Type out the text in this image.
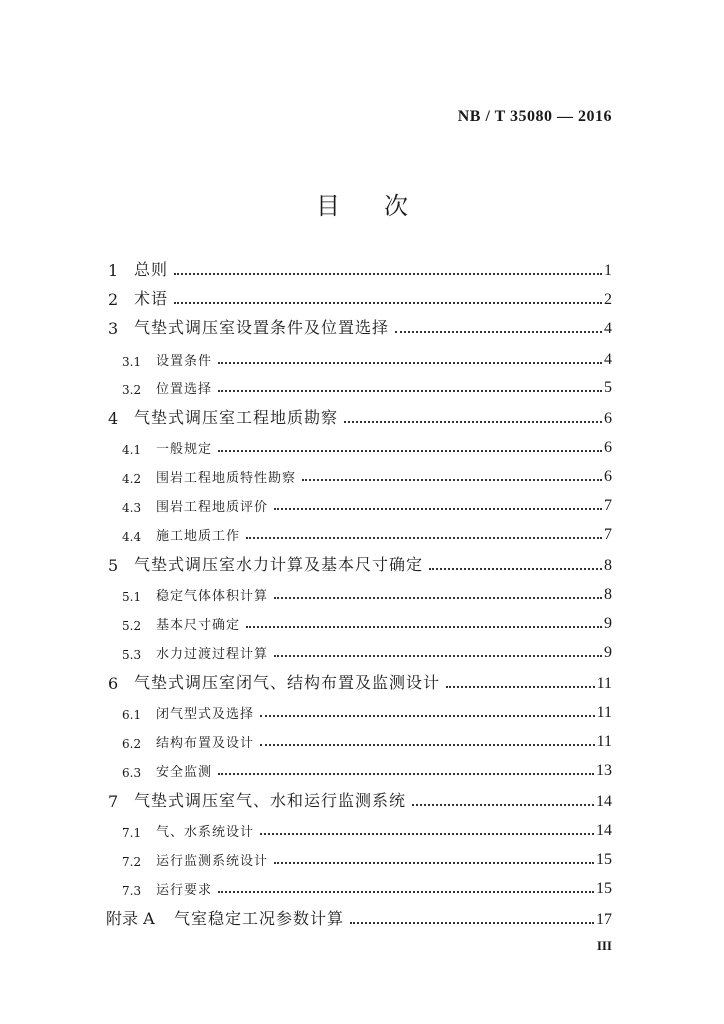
NB / T 35080 — 2016
目次
1 总则	1
2 术语	2
3 气垫式调压室设置条件及位置选择	4
3.1	设置条件	4
3.2	位置选择	5
4 气垫式调压室工程地质勘察	6
4.1	一般规定	6
4.2	围岩工程地质特性勘察	6
4.3	围岩工程地质评价	7
4.4	施工地质工作	7
5 气垫式调压室水力计算及基本尺寸确定	8
5.1	稳定气体体积计算	8
5.2	基本尺寸确定	9
5.3	水力过渡过程计算	9
6 气垫式调压室闭气、结构布置及监测设计	11
6.1	闭气型式及选择	11
6.2	结构布置及设计	11
6.3	安全监测	13
7 气垫式调压室气、水和运行监测系统	14
7.1	气、水系统设计	14
7.2	运行监测系统设计	15
7.3	运行要求	15
附录 A	气室稳定工况参数计算	17
III
